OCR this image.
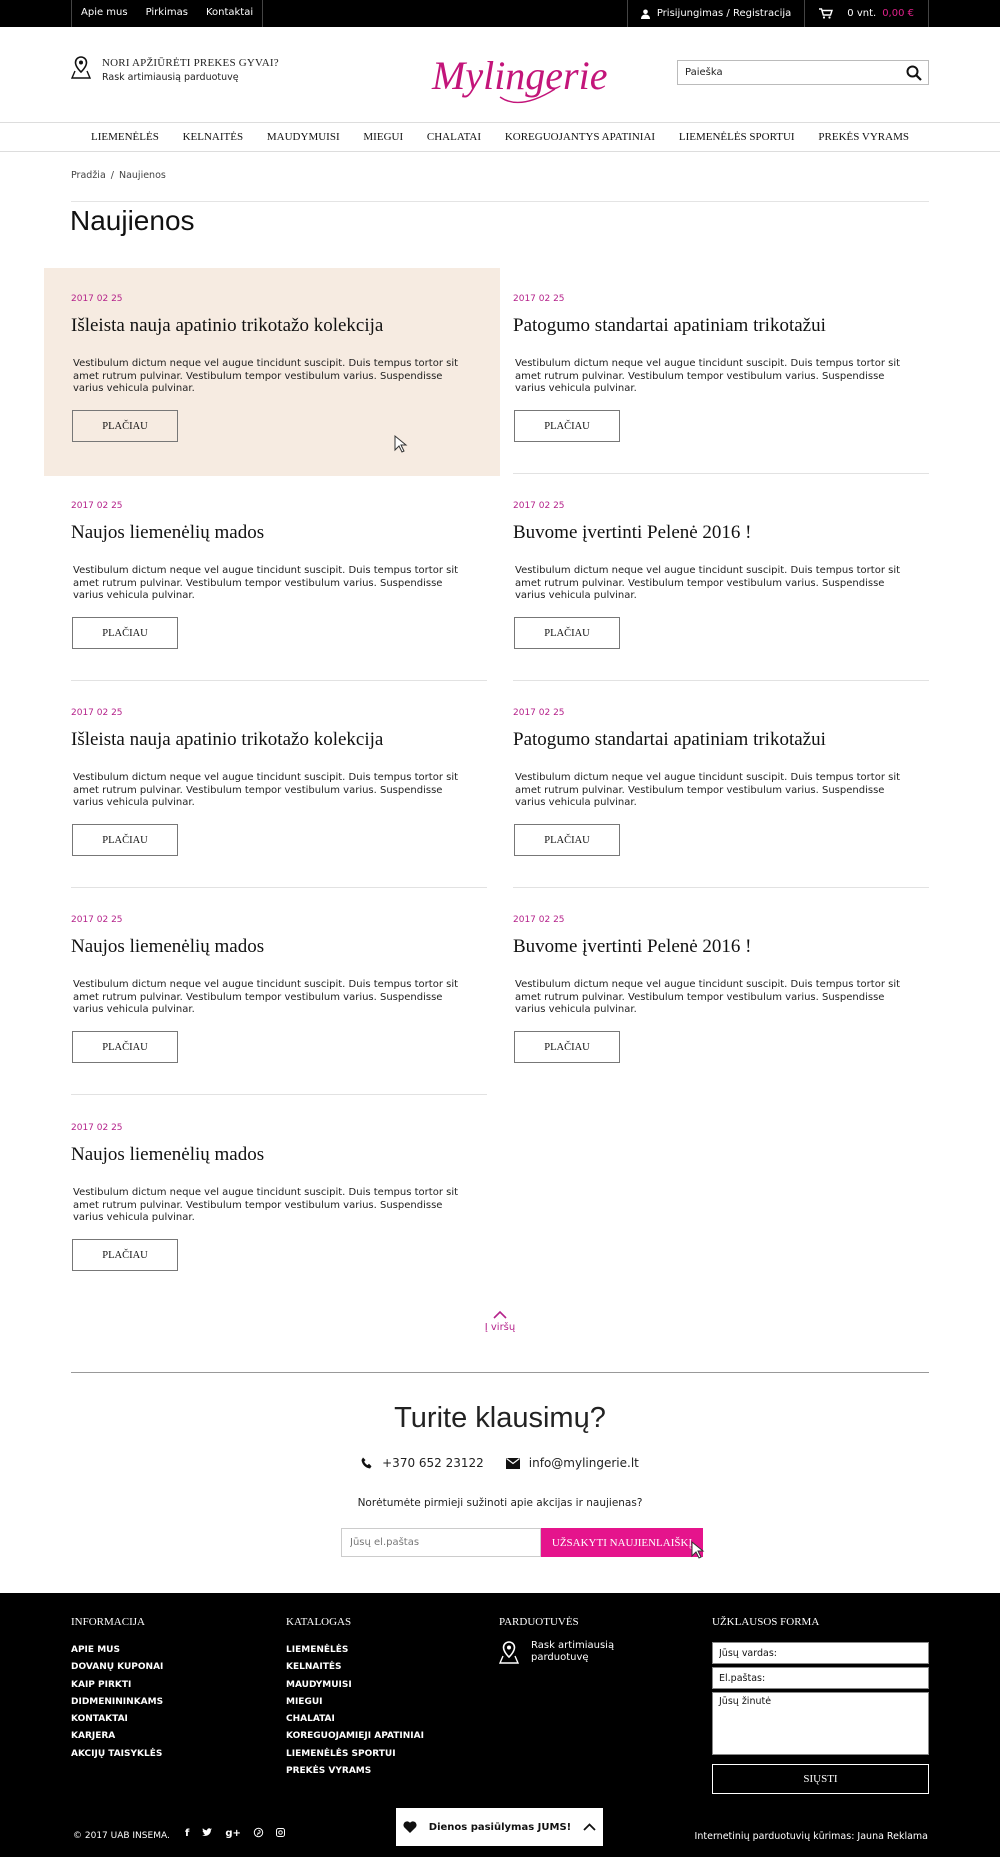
Apie mus	Pirkimas	Kontaktai	Prisijungimas / Registracija	0 vnt. 0,00 €
NORI APŽIŪRĖTI PREKES GYVAI?
Rask artimiausią parduotuvę	Mylingerie
Paieška
LIEMENĖLĖS KELNAITĖS MAUDYMUISI MIEGUI CHALATAI KOREGUOJANTYS APATINIAI LIEMENĖLĖS SPORTUI PREKĖS VYRAMS
Pradžia / Naujienos
Naujienos
2017 02 25
Išleista nauja apatinio trikotažo kolekcija
Vestibulum dictum neque vel augue tincidunt suscipit. Duis tempus tortor sit amet rutrum pulvinar. Vestibulum tempor vestibulum varius. Suspendisse varius vehicula pulvinar.
PLAČIAU
2017 02 25
Patogumo standartai apatiniam trikotažui
Vestibulum dictum neque vel augue tincidunt suscipit. Duis tempus tortor sit amet rutrum pulvinar. Vestibulum tempor vestibulum varius. Suspendisse varius vehicula pulvinar.
PLAČIAU
2017 02 25
Naujos liemenėlių mados
Vestibulum dictum neque vel augue tincidunt suscipit. Duis tempus tortor sit amet rutrum pulvinar. Vestibulum tempor vestibulum varius. Suspendisse varius vehicula pulvinar.
PLAČIAU
2017 02 25
Buvome įvertinti Pelenė 2016 !
Vestibulum dictum neque vel augue tincidunt suscipit. Duis tempus tortor sit amet rutrum pulvinar. Vestibulum tempor vestibulum varius. Suspendisse varius vehicula pulvinar.
PLAČIAU
2017 02 25
Išleista nauja apatinio trikotažo kolekcija
Vestibulum dictum neque vel augue tincidunt suscipit. Duis tempus tortor sit amet rutrum pulvinar. Vestibulum tempor vestibulum varius. Suspendisse varius vehicula pulvinar.
PLAČIAU
2017 02 25
Patogumo standartai apatiniam trikotažui
Vestibulum dictum neque vel augue tincidunt suscipit. Duis tempus tortor sit amet rutrum pulvinar. Vestibulum tempor vestibulum varius. Suspendisse varius vehicula pulvinar.
PLAČIAU
2017 02 25
Naujos liemenėlių mados
Vestibulum dictum neque vel augue tincidunt suscipit. Duis tempus tortor sit amet rutrum pulvinar. Vestibulum tempor vestibulum varius. Suspendisse varius vehicula pulvinar.
PLAČIAU
2017 02 25
Buvome įvertinti Pelenė 2016 !
Vestibulum dictum neque vel augue tincidunt suscipit. Duis tempus tortor sit amet rutrum pulvinar. Vestibulum tempor vestibulum varius. Suspendisse varius vehicula pulvinar.
PLAČIAU
2017 02 25
Naujos liemenėlių mados
Vestibulum dictum neque vel augue tincidunt suscipit. Duis tempus tortor sit amet rutrum pulvinar. Vestibulum tempor vestibulum varius. Suspendisse varius vehicula pulvinar.
PLAČIAU
Į viršų
Turite klausimų?
+370 652 23122	info@mylingerie.lt
Norėtumėte pirmieji sužinoti apie akcijas ir naujienas?
Jūsų el.paštas
UŽSAKYTI NAUJIENLAIŠKĮ
INFORMACIJA
APIE MUS
DOVANŲ KUPONAI
KAIP PIRKTI
DIDMENININKAMS
KONTAKTAI
KARJERA
AKCIJŲ TAISYKLĖS
KATALOGAS
LIEMENĖLĖS
KELNAITĖS
MAUDYMUISI
MIEGUI
CHALATAI
KOREGUOJAMIEJI APATINIAI
LIEMENĖLĖS SPORTUI
PREKĖS VYRAMS
PARDUOTUVĖS
Rask artimiausią parduotuvę
UŽKLAUSOS FORMA
Jūsų vardas:
El.paštas:
Jūsų žinutė
SIŲSTI
© 2017 UAB INSEMA. f	g+
Dienos pasiūlymas JUMS!
Internetinių parduotuvių kūrimas: Jauna Reklama
